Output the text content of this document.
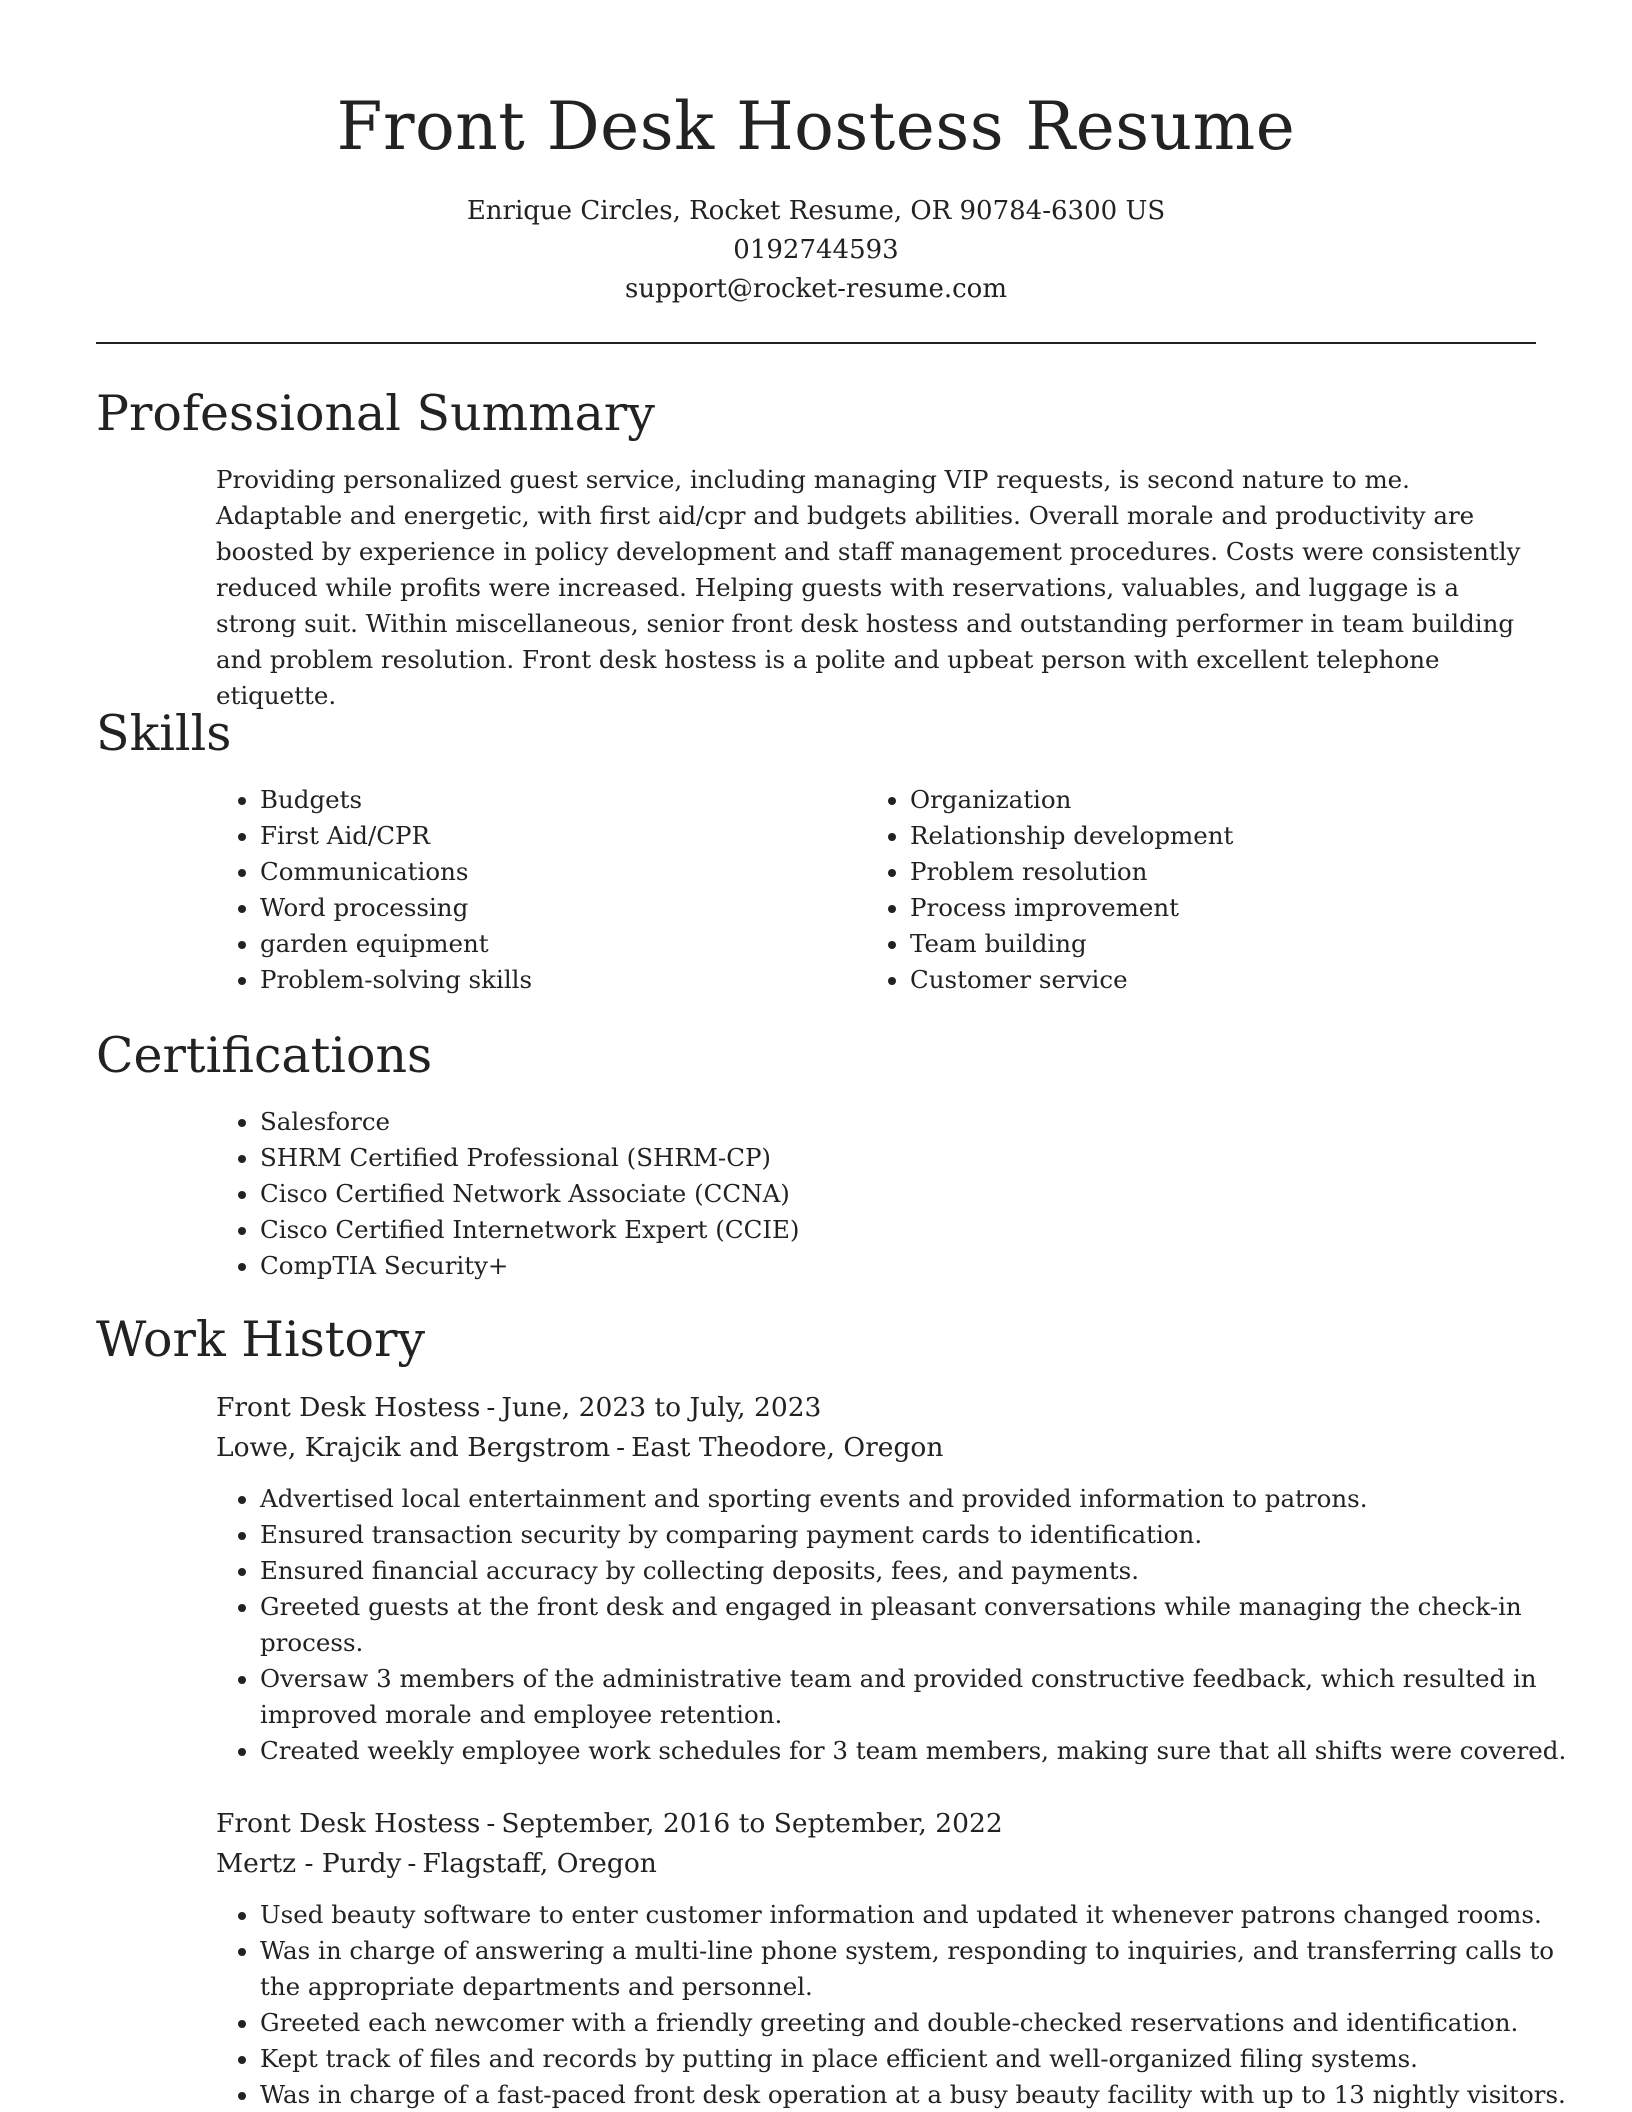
Front Desk Hostess Resume

Enrique Circles, Rocket Resume, OR 90784-6300 US

0192744593

support@rocket-resume.com

Professional Summary

Providing personalized guest service, including managing VIP requests, is second nature to me. Adaptable and energetic, with first aid/cpr and budgets abilities. Overall morale and productivity are boosted by experience in policy development and staff management procedures. Costs were consistently reduced while profits were increased. Helping guests with reservations, valuables, and luggage is a strong suit. Within miscellaneous, senior front desk hostess and outstanding performer in team building and problem resolution. Front desk hostess is a polite and upbeat person with excellent telephone etiquette.

Skills
• Budgets
• First Aid/CPR
• Communications
• Word processing
• garden equipment
• Problem-solving skills
• Organization
• Relationship development
• Problem resolution
• Process improvement
• Team building
• Customer service
Certifications
• Salesforce
• SHRM Certified Professional (SHRM-CP)
• Cisco Certified Network Associate (CCNA)
• Cisco Certified Internetwork Expert (CCIE)
• CompTIA Security+
Work History

Front Desk Hostess - June, 2023 to July, 2023

Lowe, Krajcik and Bergstrom - East Theodore, Oregon

• Advertised local entertainment and sporting events and provided information to patrons.
• Ensured transaction security by comparing payment cards to identification.
• Ensured financial accuracy by collecting deposits, fees, and payments.
• Greeted guests at the front desk and engaged in pleasant conversations while managing the check-in process.
• Oversaw 3 members of the administrative team and provided constructive feedback, which resulted in improved morale and employee retention.
• Created weekly employee work schedules for 3 team members, making sure that all shifts were covered.

Front Desk Hostess - September, 2016 to September, 2022

Mertz - Purdy - Flagstaff, Oregon

• Used beauty software to enter customer information and updated it whenever patrons changed rooms.
• Was in charge of answering a multi-line phone system, responding to inquiries, and transferring calls to the appropriate departments and personnel.
• Greeted each newcomer with a friendly greeting and double-checked reservations and identification.
• Kept track of files and records by putting in place efficient and well-organized filing systems.
• Was in charge of a fast-paced front desk operation at a busy beauty facility with up to 13 nightly visitors.
